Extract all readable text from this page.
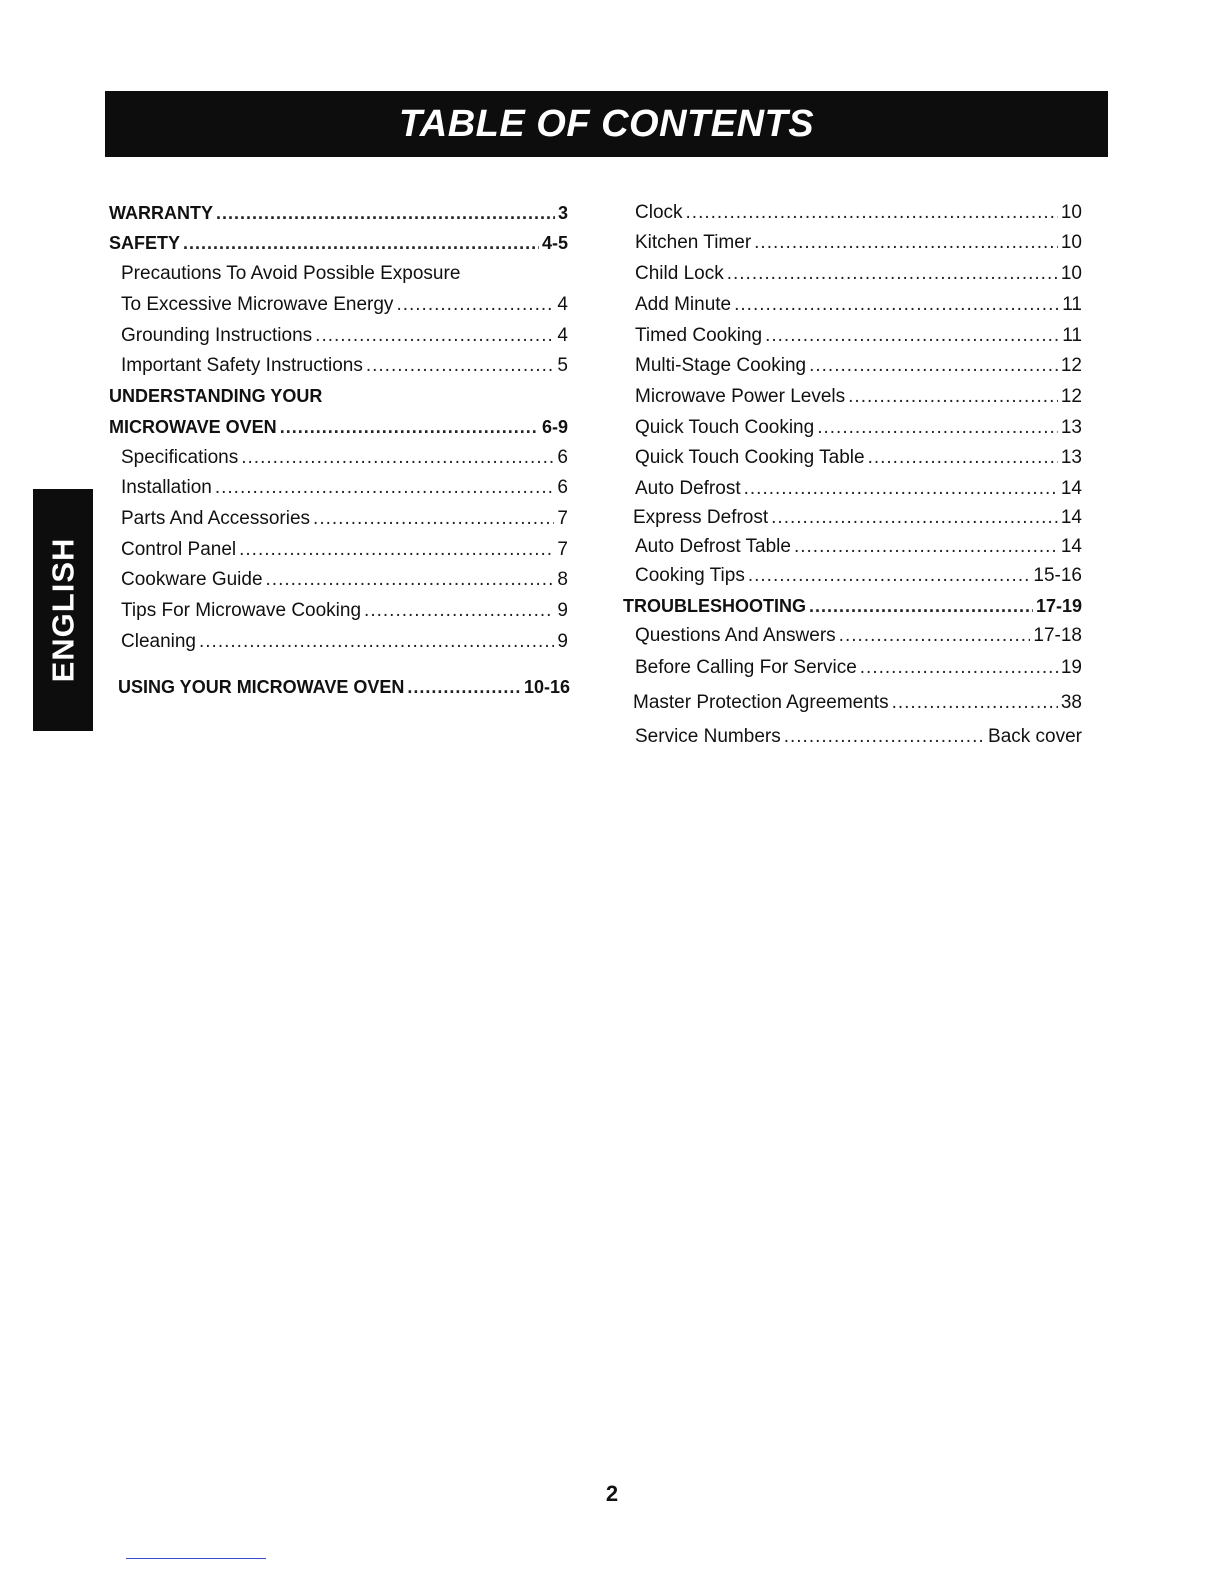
TABLE OF CONTENTS
ENGLISH
WARRANTY .....	3
SAFETY .....	4-5
Precautions To Avoid Possible Exposure
To Excessive Microwave Energy .....	4
Grounding Instructions .....	4
Important Safety Instructions .....	5
UNDERSTANDING YOUR
MICROWAVE OVEN .....	6-9
Specifications .....	6
Installation .....	6
Parts And Accessories .....	7
Control Panel .....	7
Cookware Guide .....	8
Tips For Microwave Cooking .....	9
Cleaning .....	9
USING YOUR MICROWAVE OVEN .....	10-16
Clock .....	10
Kitchen Timer .....	10
Child Lock .....	10
Add Minute .....	11
Timed Cooking .....	11
Multi-Stage Cooking .....	12
Microwave Power Levels .....	12
Quick Touch Cooking .....	13
Quick Touch Cooking Table .....	13
Auto Defrost .....	14
Express Defrost .....	14
Auto Defrost Table .....	14
Cooking Tips .....	15-16
TROUBLESHOOTING .....	17-19
Questions And Answers .....	17-18
Before Calling For Service .....	19
Master Protection Agreements .....	38
Service Numbers .....	Back cover
2
